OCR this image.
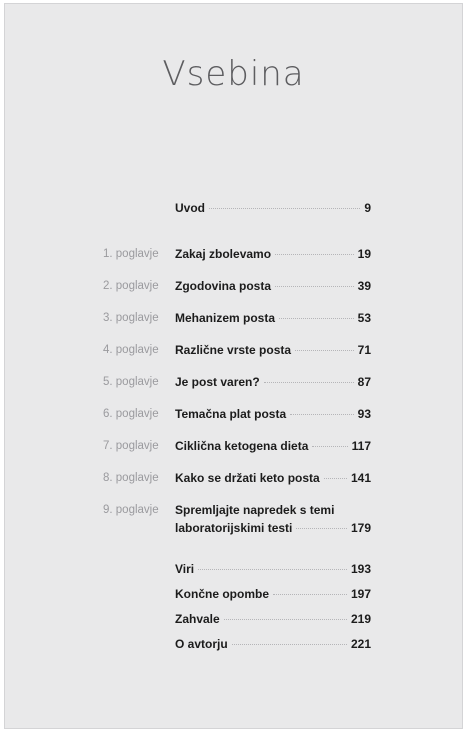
Vsebina
Uvod	9
1. poglavje	Zakaj zbolevamo	19
2. poglavje	Zgodovina posta	39
3. poglavje	Mehanizem posta	53
4. poglavje	Različne vrste posta	71
5. poglavje	Je post varen?	87
6. poglavje	Temačna plat posta	93
7. poglavje	Ciklična ketogena dieta	117
8. poglavje	Kako se držati keto posta	141
9. poglavje	Spremljajte napredek s temi
laboratorijskimi testi	179
Viri	193
Končne opombe	197
Zahvale	219
O avtorju	221
